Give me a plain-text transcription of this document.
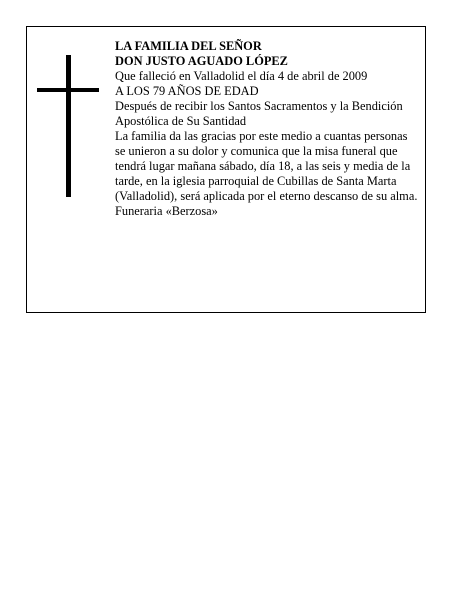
LA FAMILIA DEL SEÑOR

DON JUSTO AGUADO LÓPEZ

Que falleció en Valladolid el día 4 de abril de 2009

A LOS 79 AÑOS DE EDAD

Después de recibir los Santos Sacramentos y la Bendición Apostólica de Su Santidad

La familia da las gracias por este medio a cuantas personas se unieron a su dolor y comunica que la misa funeral que tendrá lugar mañana sábado, día 18, a las seis y media de la tarde, en la iglesia parroquial de Cubillas de Santa Marta (Valladolid), será aplicada por el eterno descanso de su alma.

Funeraria «Berzosa»
